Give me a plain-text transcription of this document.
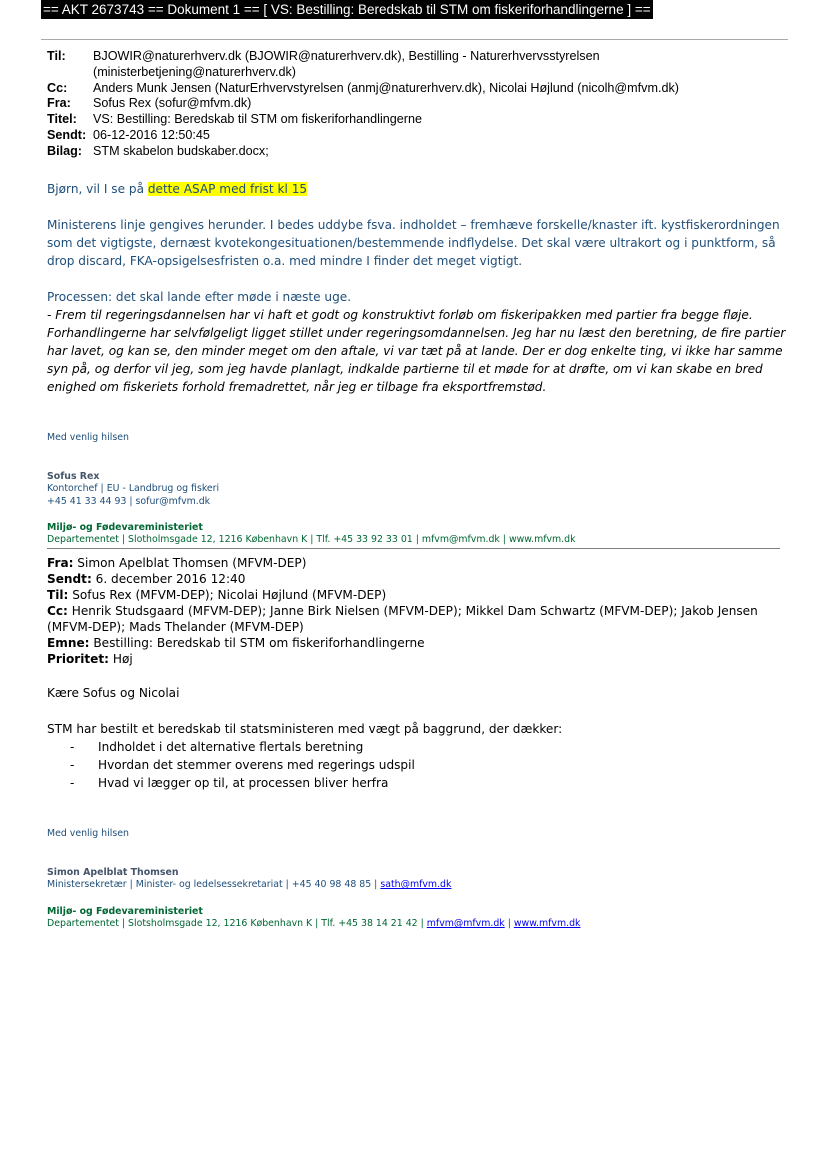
== AKT 2673743 == Dokument 1 == [ VS: Bestilling: Beredskab til STM om fiskeriforhandlingerne ] ==
Til:	BJOWIR@naturerhverv.dk (BJOWIR@naturerhverv.dk), Bestilling - Naturerhvervsstyrelsen (ministerbetjening@naturerhverv.dk)
Cc:	Anders Munk Jensen (NaturErhvervstyrelsen (anmj@naturerhverv.dk), Nicolai Højlund (nicolh@mfvm.dk)
Fra:	Sofus Rex (sofur@mfvm.dk)
Titel:	VS: Bestilling: Beredskab til STM om fiskeriforhandlingerne
Sendt: 06-12-2016 12:50:45
Bilag: STM skabelon budskaber.docx;
Bjørn, vil I se på dette ASAP med frist kl 15
Ministerens linje gengives herunder. I bedes uddybe fsva. indholdet – fremhæve forskelle/knaster ift. kystfiskerordningen som det vigtigste, dernæst kvotekongesituationen/bestemmende indflydelse. Det skal være ultrakort og i punktform, så drop discard, FKA-opsigelsesfristen o.a. med mindre I finder det meget vigtigt.
Processen: det skal lande efter møde i næste uge.
- Frem til regeringsdannelsen har vi haft et godt og konstruktivt forløb om fiskeripakken med partier fra begge fløje. Forhandlingerne har selvfølgeligt ligget stillet under regeringsomdannelsen. Jeg har nu læst den beretning, de fire partier har lavet, og kan se, den minder meget om den aftale, vi var tæt på at lande. Der er dog enkelte ting, vi ikke har samme syn på, og derfor vil jeg, som jeg havde planlagt, indkalde partierne til et møde for at drøfte, om vi kan skabe en bred enighed om fiskeriets forhold fremadrettet, når jeg er tilbage fra eksportfremstød.
Med venlig hilsen
Sofus Rex
Kontorchef | EU - Landbrug og fiskeri
+45 41 33 44 93 | sofur@mfvm.dk
Miljø- og Fødevareministeriet
Departementet | Slotholmsgade 12, 1216 København K | Tlf. +45 33 92 33 01 | mfvm@mfvm.dk | www.mfvm.dk
Fra: Simon Apelblat Thomsen (MFVM-DEP)
Sendt: 6. december 2016 12:40
Til: Sofus Rex (MFVM-DEP); Nicolai Højlund (MFVM-DEP)
Cc: Henrik Studsgaard (MFVM-DEP); Janne Birk Nielsen (MFVM-DEP); Mikkel Dam Schwartz (MFVM-DEP); Jakob Jensen (MFVM-DEP); Mads Thelander (MFVM-DEP)
Emne: Bestilling: Beredskab til STM om fiskeriforhandlingerne
Prioritet: Høj
Kære Sofus og Nicolai
STM har bestilt et beredskab til statsministeren med vægt på baggrund, der dækker:
-	Indholdet i det alternative flertals beretning
-	Hvordan det stemmer overens med regerings udspil
-	Hvad vi lægger op til, at processen bliver herfra
Med venlig hilsen
Simon Apelblat Thomsen
Ministersekretær | Minister- og ledelsessekretariat | +45 40 98 48 85 | sath@mfvm.dk
Miljø- og Fødevareministeriet
Departementet | Slotsholmsgade 12, 1216 København K | Tlf. +45 38 14 21 42 | mfvm@mfvm.dk | www.mfvm.dk
